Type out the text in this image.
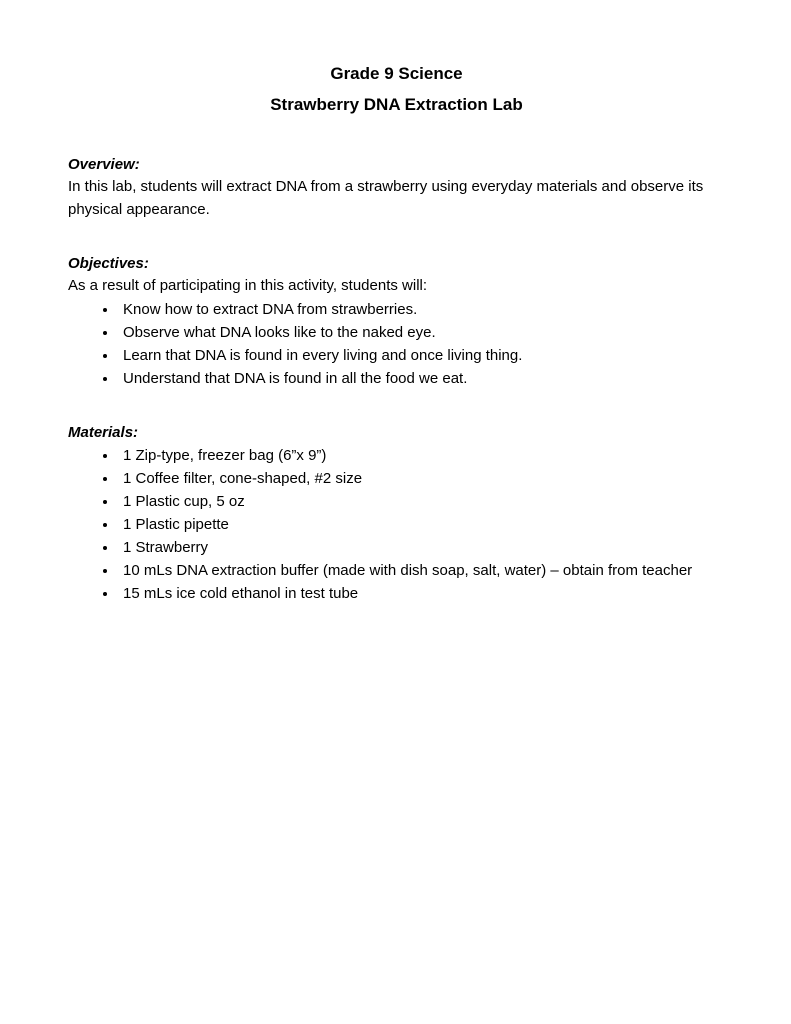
Grade 9 Science
Strawberry DNA Extraction Lab
Overview:
In this lab, students will extract DNA from a strawberry using everyday materials and observe its physical appearance.
Objectives:
As a result of participating in this activity, students will:
• Know how to extract DNA from strawberries.
• Observe what DNA looks like to the naked eye.
• Learn that DNA is found in every living and once living thing.
• Understand that DNA is found in all the food we eat.
Materials:
• 1 Zip-type, freezer bag (6”x 9”)
• 1 Coffee filter, cone-shaped, #2 size
• 1 Plastic cup, 5 oz
• 1 Plastic pipette
• 1 Strawberry
• 10 mLs DNA extraction buffer (made with dish soap, salt, water) – obtain from teacher
• 15 mLs ice cold ethanol in test tube
